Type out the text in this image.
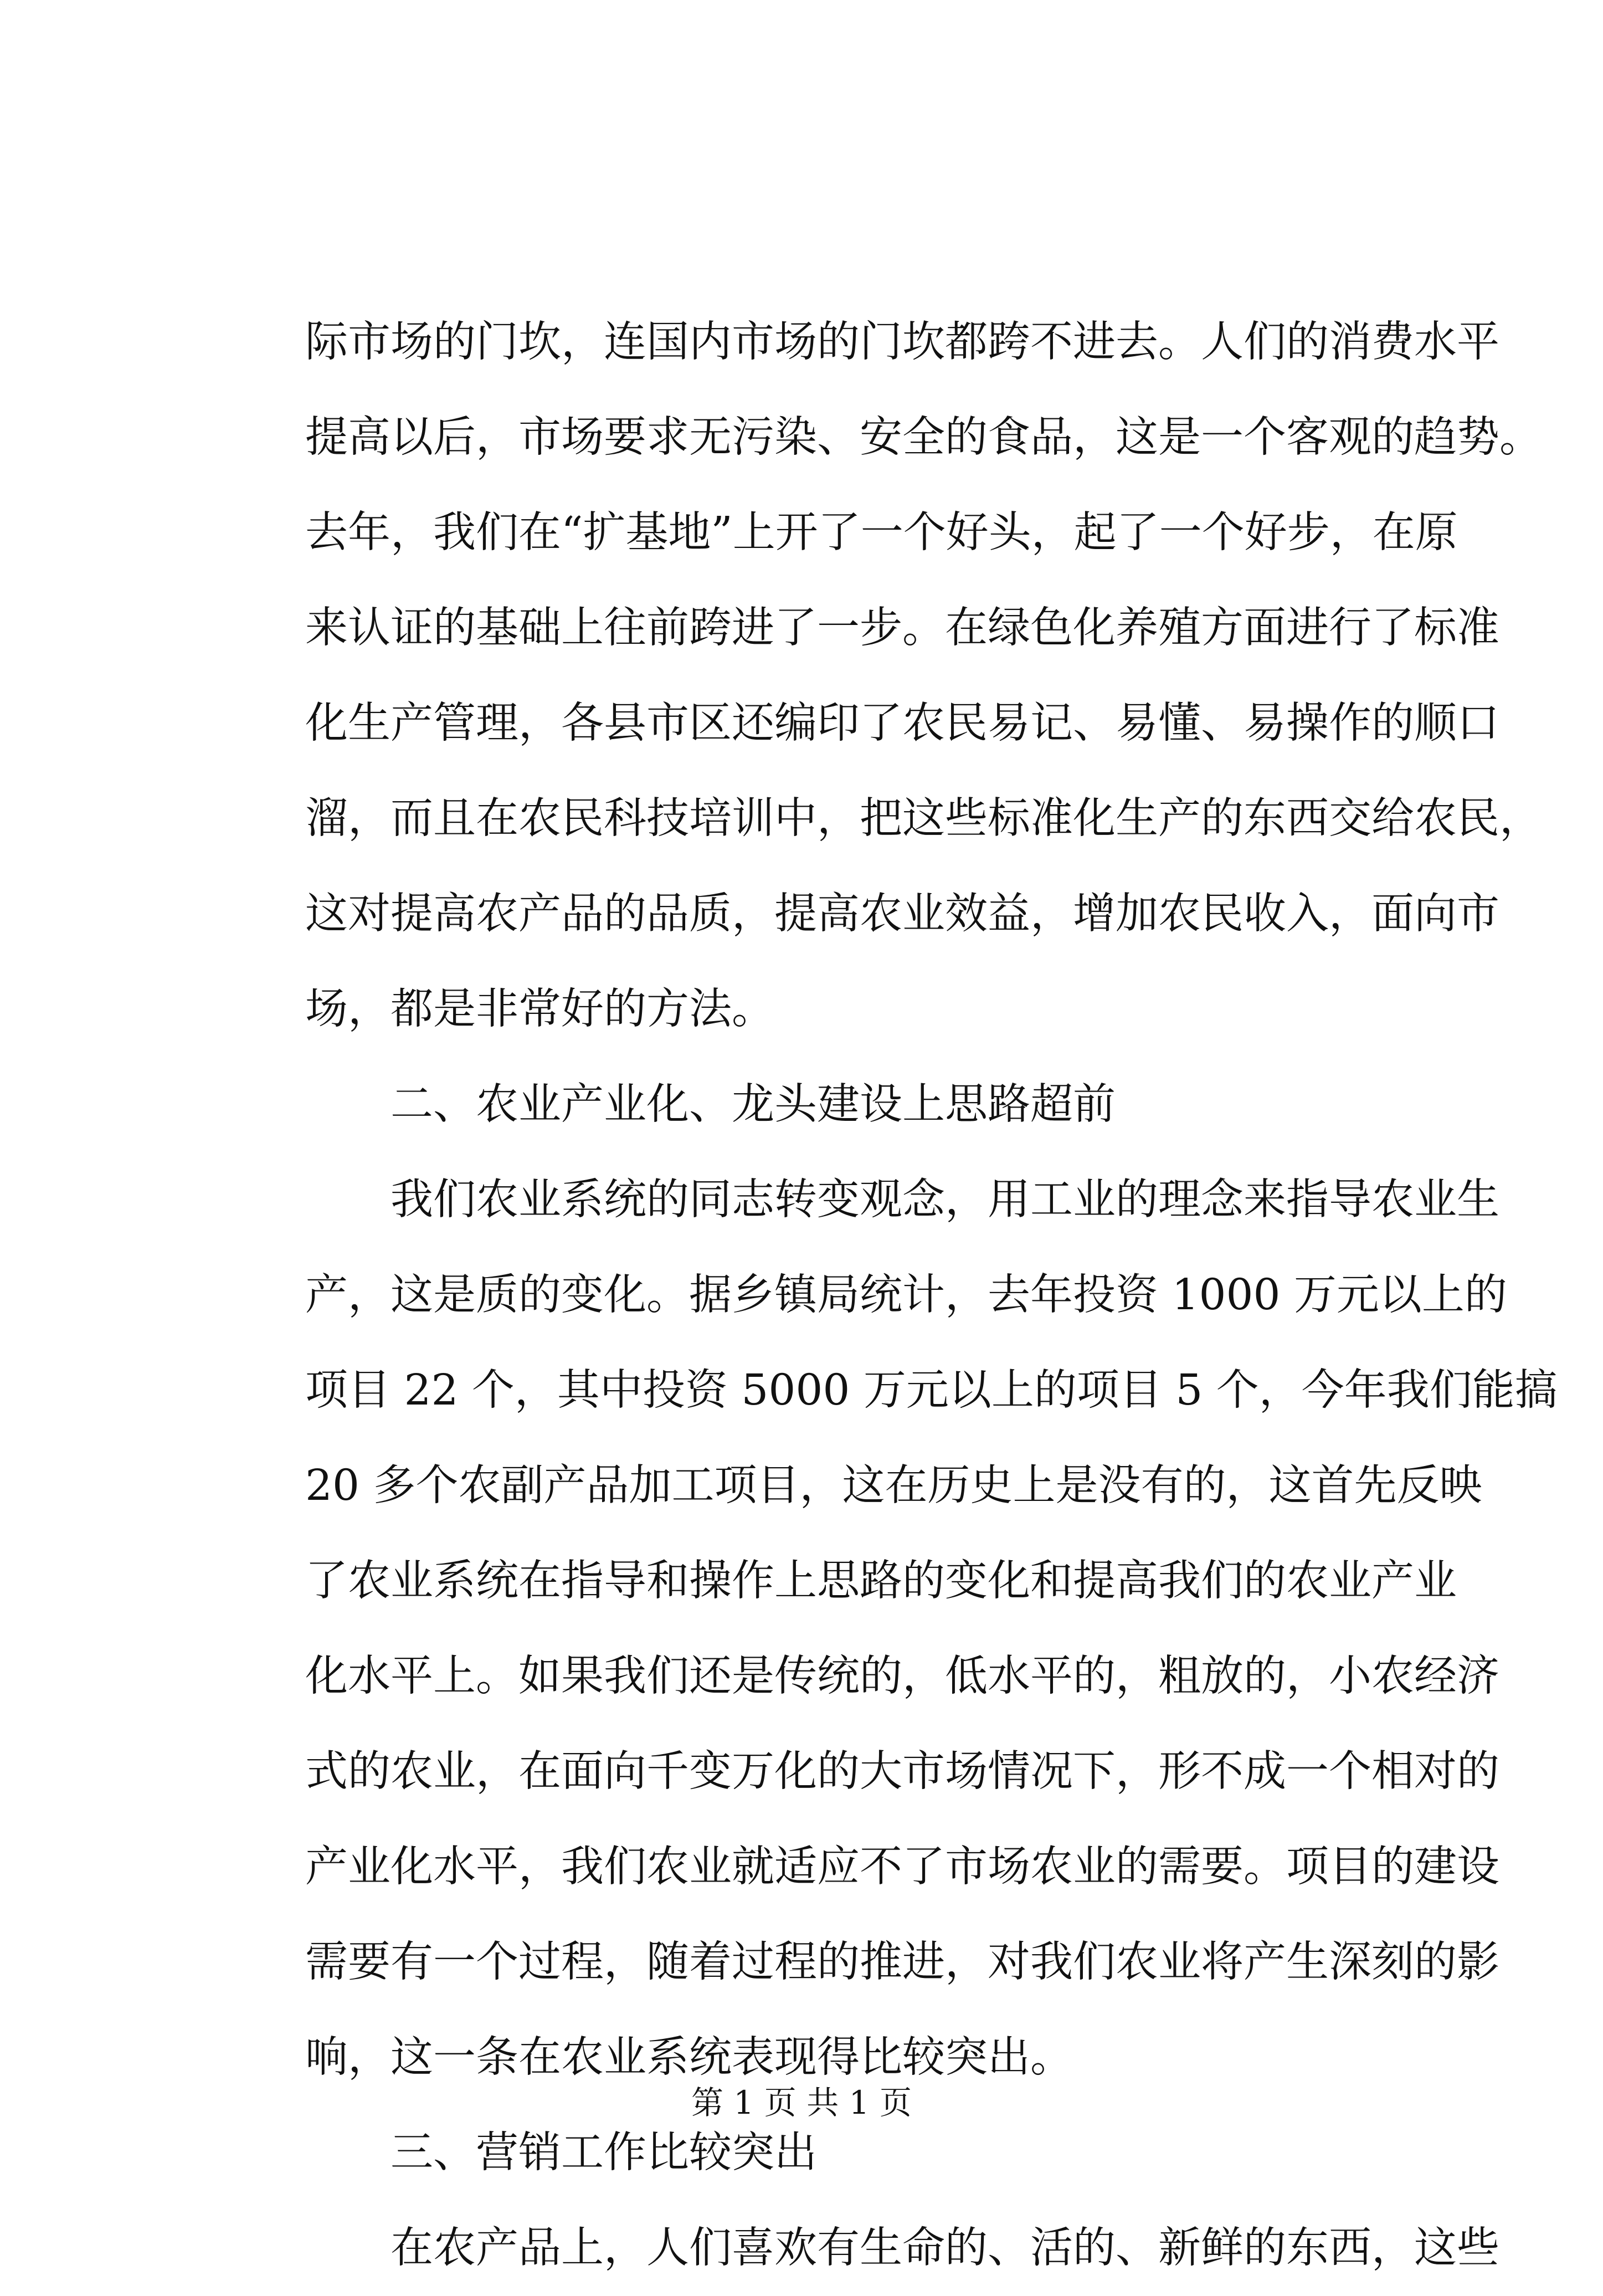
际市场的门坎，连国内市场的门坎都跨不进去。人们的消费水平

提高以后，市场要求无污染、安全的食品，这是一个客观的趋势。

去年，我们在“扩基地”上开了一个好头，起了一个好步，在原

来认证的基础上往前跨进了一步。在绿色化养殖方面进行了标准

化生产管理，各县市区还编印了农民易记、易懂、易操作的顺口

溜，而且在农民科技培训中，把这些标准化生产的东西交给农民，

这对提高农产品的品质，提高农业效益，增加农民收入，面向市

场，都是非常好的方法。

二、农业产业化、龙头建设上思路超前

我们农业系统的同志转变观念，用工业的理念来指导农业生

产，这是质的变化。据乡镇局统计，去年投资 1000 万元以上的

项目 22 个，其中投资 5000 万元以上的项目 5 个，今年我们能搞

20 多个农副产品加工项目，这在历史上是没有的，这首先反映

了农业系统在指导和操作上思路的变化和提高我们的农业产业

化水平上。如果我们还是传统的，低水平的，粗放的，小农经济

式的农业，在面向千变万化的大市场情况下，形不成一个相对的

产业化水平，我们农业就适应不了市场农业的需要。项目的建设

需要有一个过程，随着过程的推进，对我们农业将产生深刻的影

响，这一条在农业系统表现得比较突出。

三、营销工作比较突出

在农产品上，人们喜欢有生命的、活的、新鲜的东西，这些

第 1 页 共 1 页
